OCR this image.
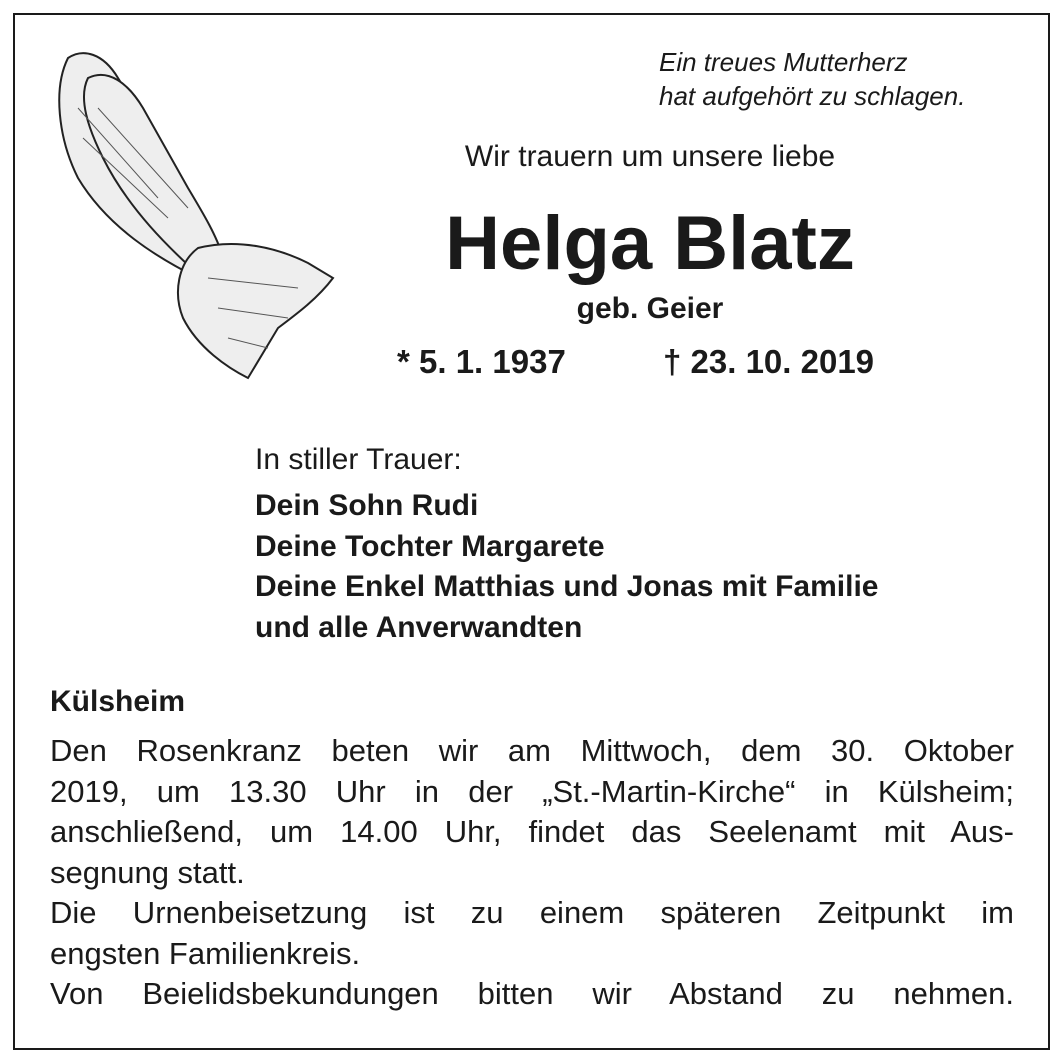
Ein treues Mutterherz
hat aufgehört zu schlagen.
Wir trauern um unsere liebe
Helga Blatz
geb. Geier
* 5. 1. 1937	† 23. 10. 2019
In stiller Trauer:
Dein Sohn Rudi
Deine Tochter Margarete
Deine Enkel Matthias und Jonas mit Familie
und alle Anverwandten
Külsheim
Den Rosenkranz beten wir am Mittwoch, dem 30. Oktober
2019, um 13.30 Uhr in der „St.-Martin-Kirche“ in Külsheim;
anschließend, um 14.00 Uhr, findet das Seelenamt mit Aus-
segnung statt.
Die Urnenbeisetzung ist zu einem späteren Zeitpunkt im
engsten Familienkreis.
Von Beielidsbekundungen bitten wir Abstand zu nehmen.
